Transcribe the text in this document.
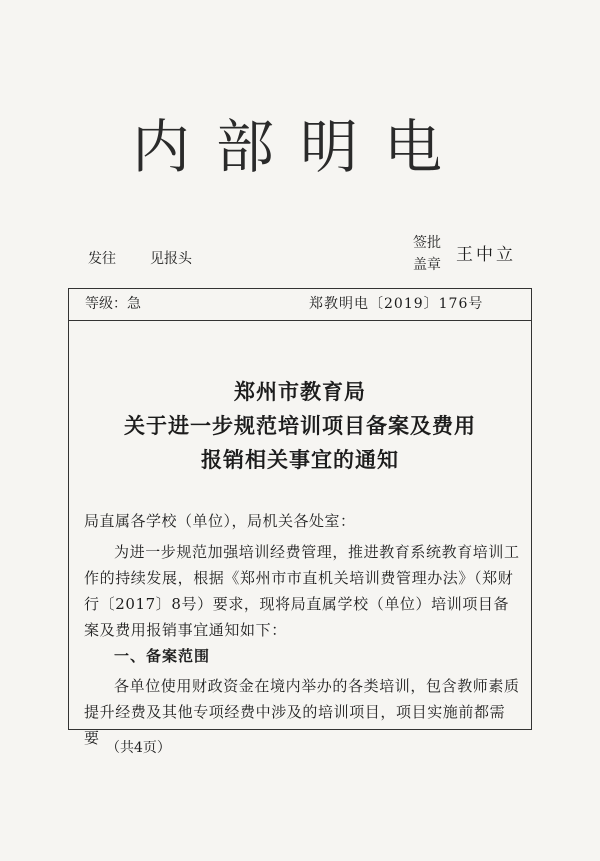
内部明电
发往 见报头
签批
盖章 王中立
等级：急	郑教明电〔2019〕176号
郑州市教育局
关于进一步规范培训项目备案及费用
报销相关事宜的通知
局直属各学校（单位），局机关各处室：

为进一步规范加强培训经费管理，推进教育系统教育培训工作的持续发展，根据《郑州市市直机关培训费管理办法》（郑财行〔2017〕8号）要求，现将局直属学校（单位）培训项目备案及费用报销事宜通知如下：

一、备案范围

各单位使用财政资金在境内举办的各类培训，包含教师素质提升经费及其他专项经费中涉及的培训项目，项目实施前都需要

（共4页）
